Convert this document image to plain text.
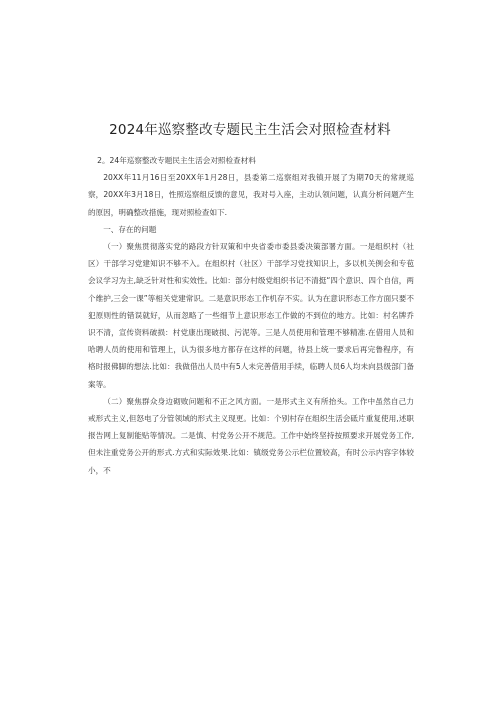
2024年巡察整改专题民主生活会对照检查材料

2。24年巡察整改专题民主生活会对照检查材料

20XX年11月16日至20XX年1月28日，县委第二巡察组对我镇开展了为期70天的常规巡察，20XX年3月18日，性照巡察组反馈的意见，我对号入座，主动认领问题，认真分析问题产生的原因，明确整改措施，现对照检查如下.

一、存在的问题

（一）聚焦贯彻落实党的路段方针双策和中央省委市委县委决策部署方面。一是组织村（社区）干部学习党建知识不够不入。在组织村（社区）干部学习党找知识上，多以机关例会和专苞会议学习为主,缺乏针对性和实效性。比如：部分村级党组织书记不清挺“四个意识、四个自信，两个维护,三会一课”等相关党建常识。二是意识形态工作机存不实。认为在意识形态工作方面只要不犯原则性的错误就好，从而忽略了一些细节上意识形态工作做的不到位的地方。比如：村名牌乔识不清，宣传资料破损：村党康出现破损、污泥等。三是人员使用和管理不够精准.在借用人员和哈聘人员的使用和管理上，认为很多地方都存在这样的问题，待县上统一要求后再完鲁程序，有格时报佛脚的想法.比如：我做借出人员中有5人未完善借用手续，临聘人员6人均未向县级部门备案等。

（二）聚焦群众身边砌败问题和不正之风方面。一是形式主义有所抬头。工作中虽然自己力戒形式主义,但怒电了分管领域的形式主义现更。比如：个别村存在组织生活会砥片重复使用,述职报告网上复制能贴等情况。二是慎、村党务公开不规范。工作中始终坚持按照要求开展党务工作,但未注重党务公开的形式.方式和实际效果.比如：镇级党务公示栏位置较高，有时公示内容字体较小，不
